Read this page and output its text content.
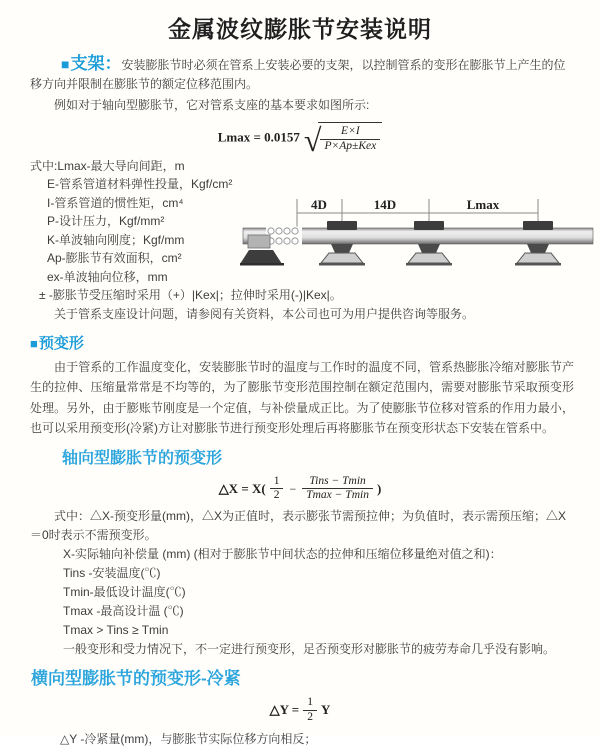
金属波纹膨胀节安装说明

■支架：安装膨胀节时必须在管系上安装必要的支架，以控制管系的变形在膨胀节上产生的位移方向并限制在膨胀节的额定位移范围内。

例如对于轴向型膨胀节，它对管系支座的基本要求如图所示:

Lmax = 0.0157 √ $\frac{E\times I}{\text{P×Ap±Kex}}$
式中:Lmax-最大导向间距，m
E-管系管道材料弹性投量，Kgf/cm²
I-管系管道的惯性矩，cm⁴
P-设计压力，Kgf/mm²
K-单波轴向刚度；Kgf/mm
Ap-膨胀节有效面积，cm²
ex-单波轴向位移，mm
± -膨胀节受压缩时采用（+）|Kex|；拉伸时采用(-)|Kex|。

关于管系支座设计问题，请参阅有关资料，本公司也可为用户提供咨询等服务。

■预变形

由于管系的工作温度变化，安装膨胀节时的温度与工作时的温度不同，管系热膨胀冷缩对膨胀节产生的拉伸、压缩量常常是不均等的，为了膨胀节变形范围控制在额定范围内，需要对膨胀节采取预变形处理。另外，由于膨账节刚度是一个定值，与补偿量成正比。为了使膨胀节位移对管系的作用力最小，也可以采用预变形(冷紧)方让对膨胀节进行预变形处理后再将膨胀节在预变形状态下安装在管系中。

轴向型膨胀节的预变形
△X = $X( \frac{1}{2} - \frac{\text{Tins − Tmin}}{Tmax - Tmin}$ )

式中：△X-预变形量(mm)，△X为正值时，表示膨张节需预拉伸；为负值时，表示需预压缩；△X＝0时表示不需预变形。

X-实际轴向补偿量 (mm) (相对于膨胀节中间状态的拉伸和压缩位移量绝对值之和)：

Tins -安装温度(℃)

Tmin-最低设计温度(℃)

Tmax -最高设计温 (℃)

Tmax > Tins ≥ Tmin

一般变形和受力情况下，不一定进行预变形，足否预变形对膨胀节的疲劳寿命几乎没有影响。

横向型膨胀节的预变形-冷紧
△Y = $\frac{1}{2}$ Y

△Y -冷紧量(mm)，与膨胀节实际位移方向相反；

4D	14D	Lmax
